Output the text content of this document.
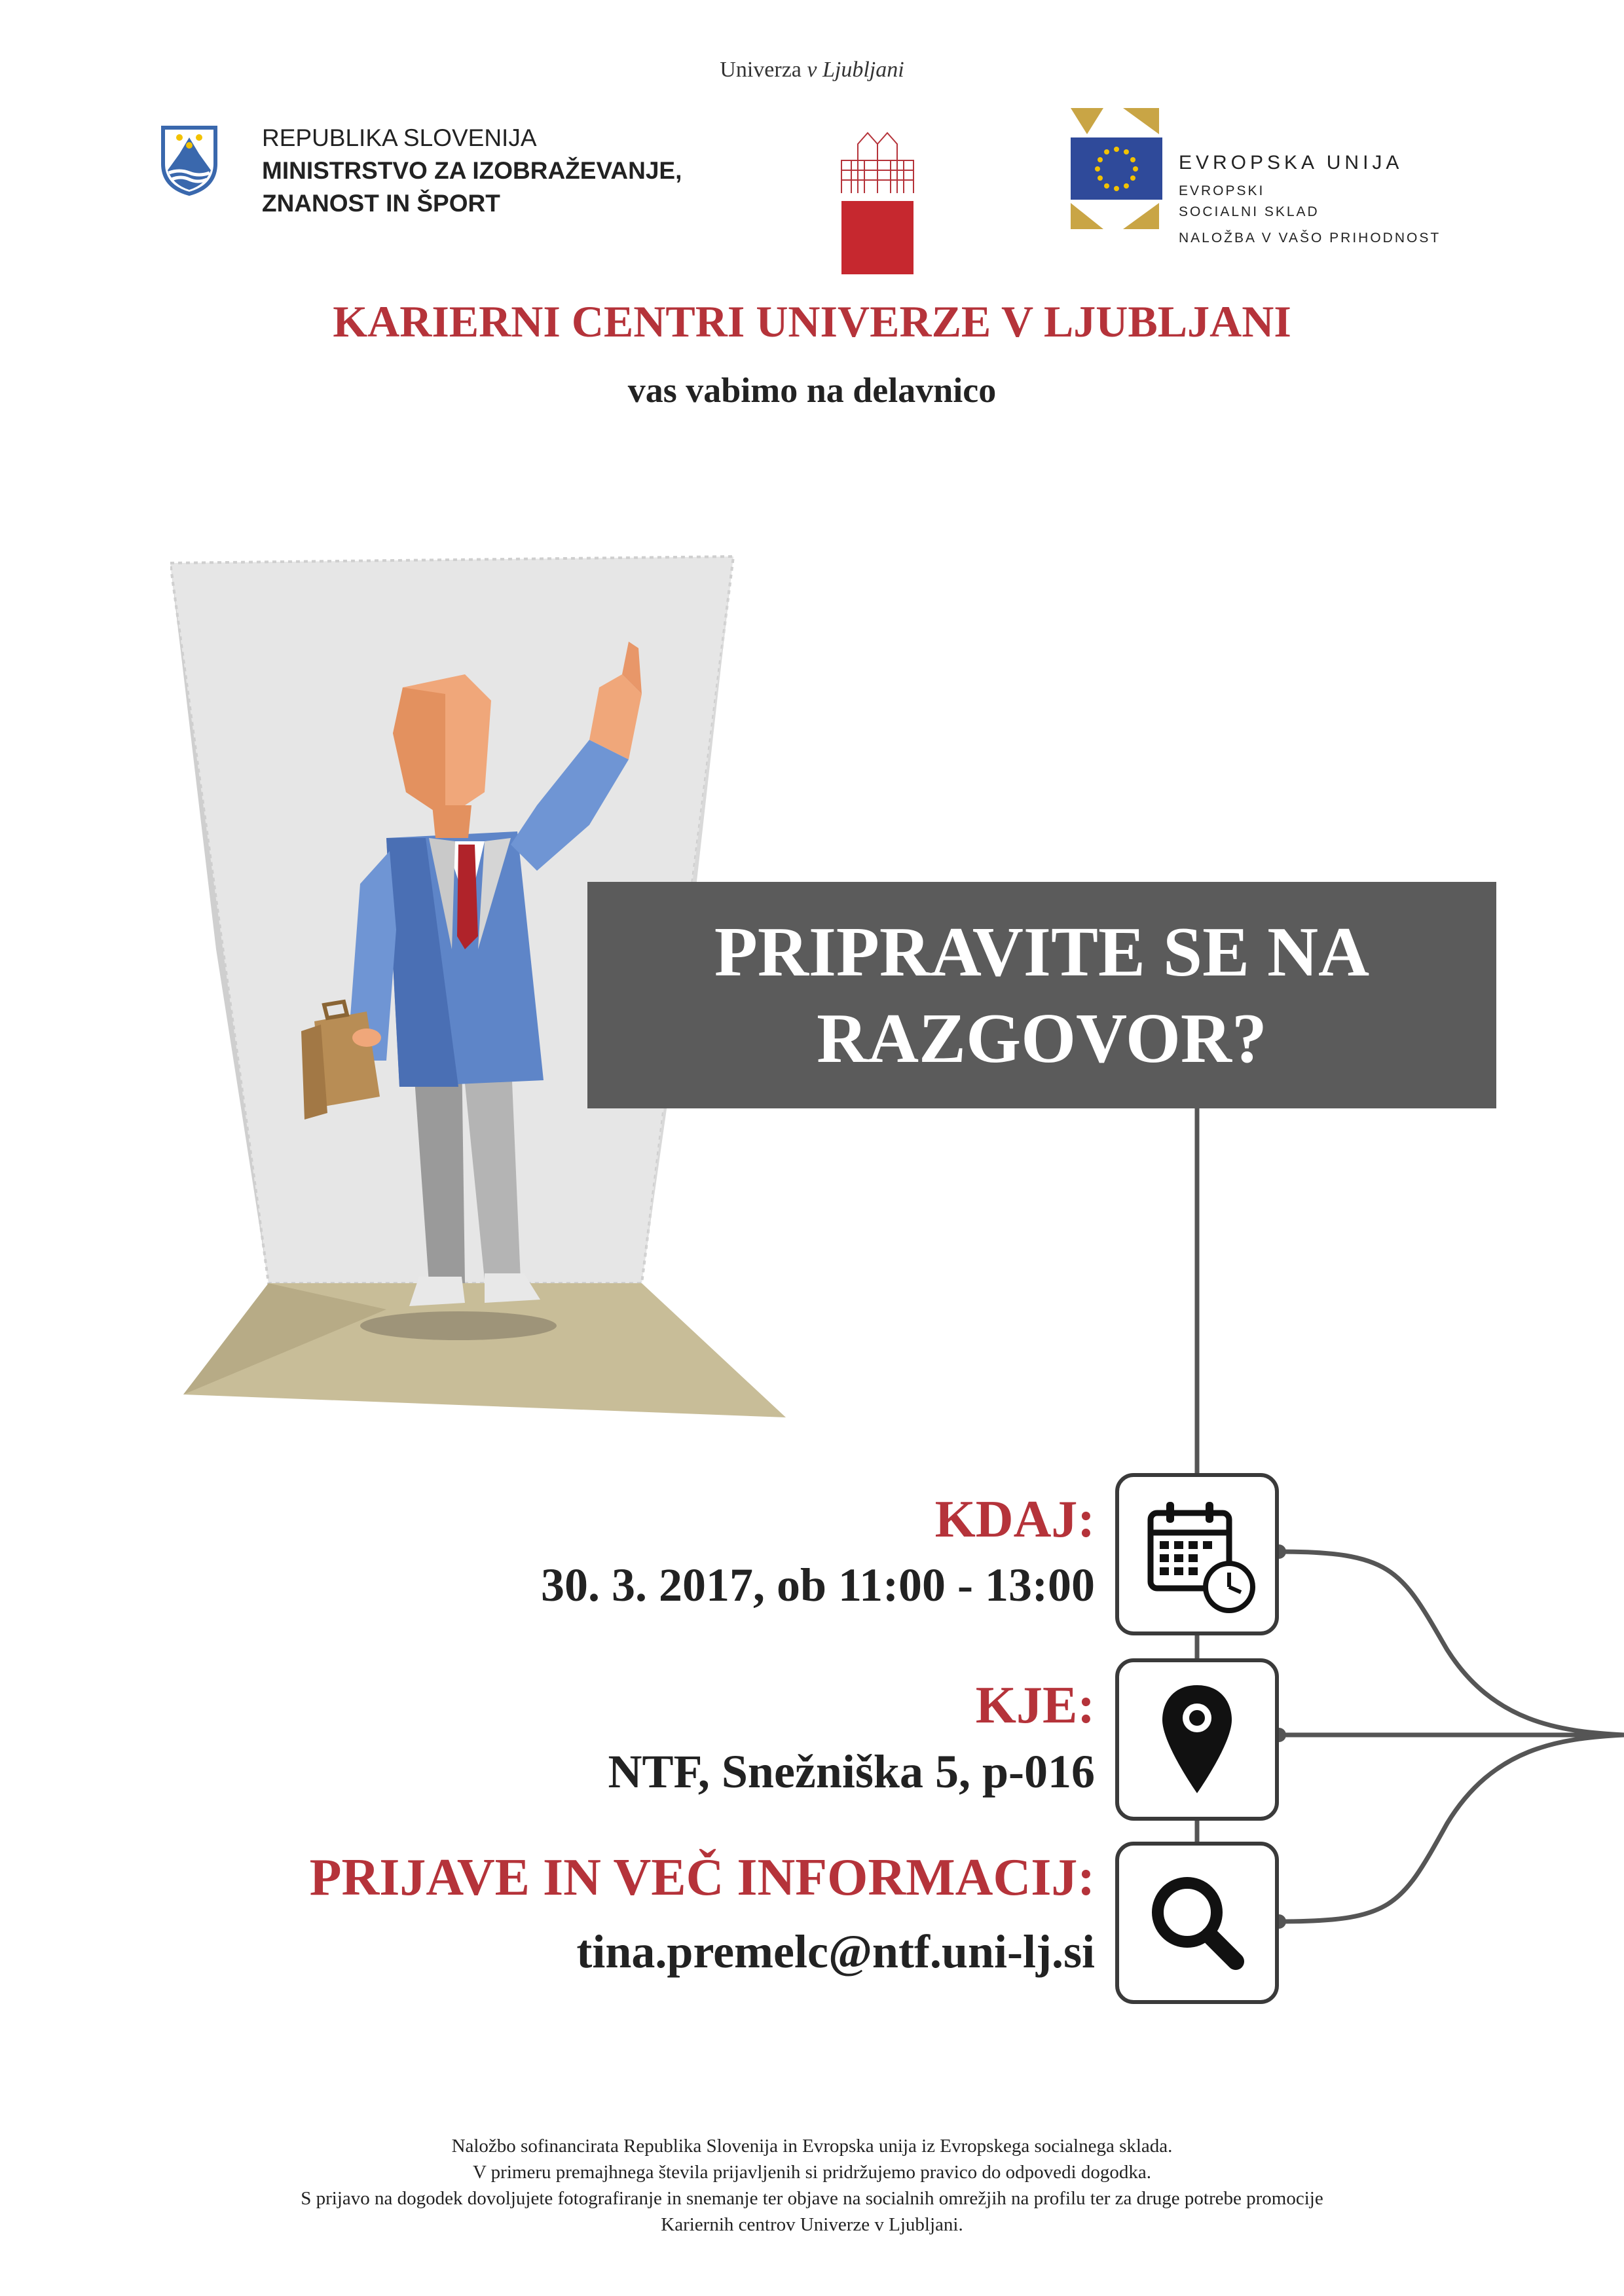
Univerza v Ljubljani
REPUBLIKA SLOVENIJA
MINISTRSTVO ZA IZOBRAŽEVANJE,
ZNANOST IN ŠPORT
EVROPSKA UNIJA
EVROPSKI
SOCIALNI SKLAD
NALOŽBA V VAŠO PRIHODNOST
KARIERNI CENTRI UNIVERZE V LJUBLJANI
vas vabimo na delavnico
PRIPRAVITE SE NA
RAZGOVOR?
KDAJ:
30. 3. 2017, ob 11:00 - 13:00
KJE:
NTF, Snežniška 5, p-016
PRIJAVE IN VEČ INFORMACIJ:
tina.premelc@ntf.uni-lj.si
Naložbo sofinancirata Republika Slovenija in Evropska unija iz Evropskega socialnega sklada.
V primeru premajhnega števila prijavljenih si pridržujemo pravico do odpovedi dogodka.
S prijavo na dogodek dovoljujete fotografiranje in snemanje ter objave na socialnih omrežjih na profilu ter za druge potrebe promocije
Kariernih centrov Univerze v Ljubljani.
